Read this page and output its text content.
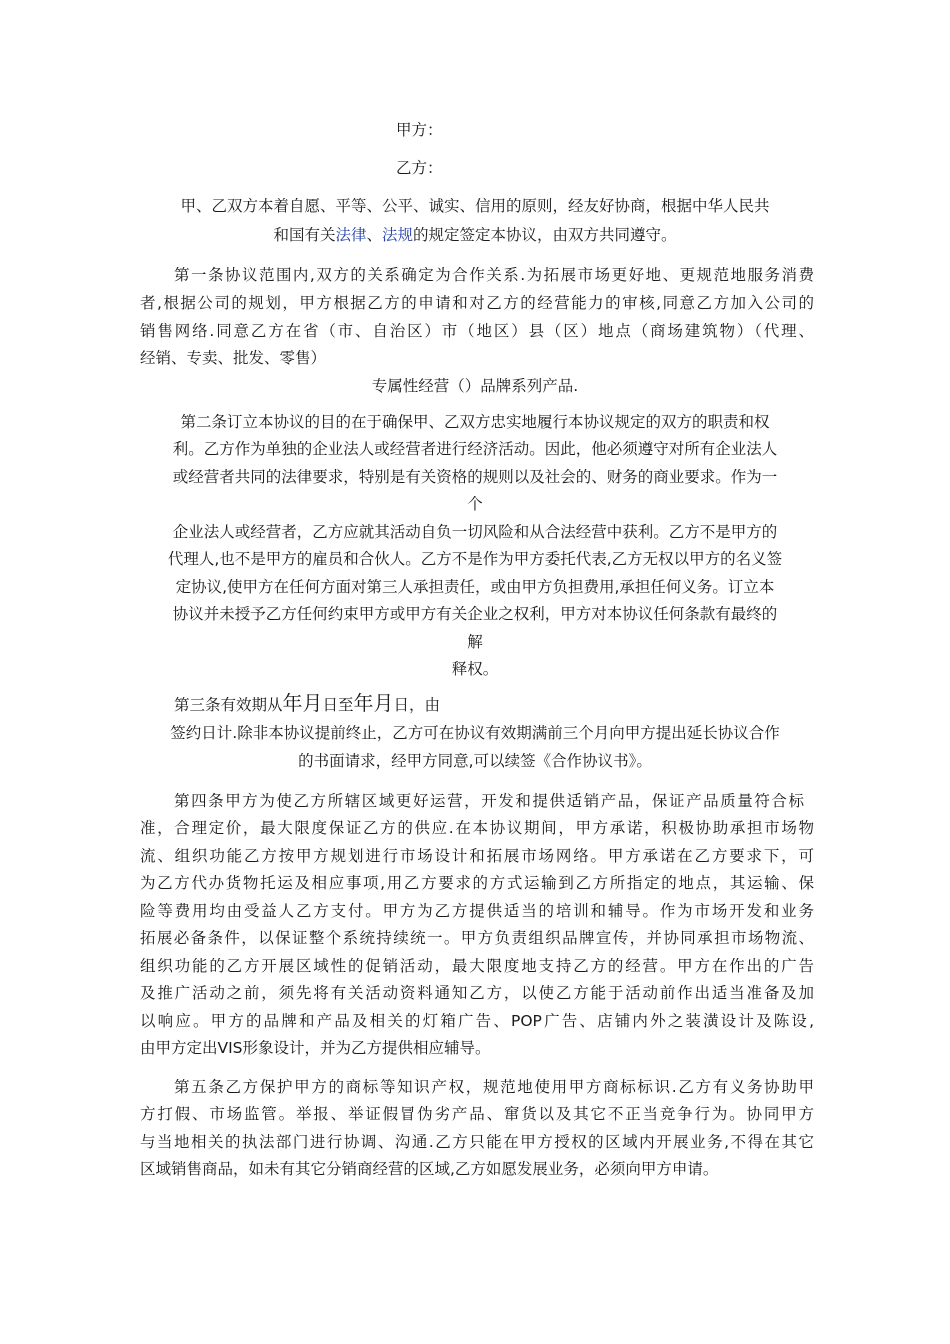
甲方：
乙方：
甲、乙双方本着自愿、平等、公平、诚实、信用的原则，经友好协商，根据中华人民共
和国有关法律、法规的规定签定本协议，由双方共同遵守。
第一条协议范围内,双方的关系确定为合作关系.为拓展市场更好地、更规范地服务消费
者,根据公司的规划，甲方根据乙方的申请和对乙方的经营能力的审核,同意乙方加入公司的
销售网络.同意乙方在省（市、自治区）市（地区）县（区）地点（商场建筑物）（代理、
经销、专卖、批发、零售）
专属性经营（）品牌系列产品.
第二条订立本协议的目的在于确保甲、乙双方忠实地履行本协议规定的双方的职责和权
利。乙方作为单独的企业法人或经营者进行经济活动。因此，他必须遵守对所有企业法人
或经营者共同的法律要求，特别是有关资格的规则以及社会的、财务的商业要求。作为一
个
企业法人或经营者，乙方应就其活动自负一切风险和从合法经营中获利。乙方不是甲方的
代理人,也不是甲方的雇员和合伙人。乙方不是作为甲方委托代表,乙方无权以甲方的名义签
定协议,使甲方在任何方面对第三人承担责任，或由甲方负担费用,承担任何义务。订立本
协议并未授予乙方任何约束甲方或甲方有关企业之权利，甲方对本协议任何条款有最终的
解
释权。
第三条有效期从年月日至年月日，由
签约日计.除非本协议提前终止，乙方可在协议有效期满前三个月向甲方提出延长协议合作
的书面请求，经甲方同意,可以续签《合作协议书》。
第四条甲方为使乙方所辖区域更好运营，开发和提供适销产品，保证产品质量符合标
准，合理定价，最大限度保证乙方的供应.在本协议期间，甲方承诺，积极协助承担市场物
流、组织功能乙方按甲方规划进行市场设计和拓展市场网络。甲方承诺在乙方要求下，可
为乙方代办货物托运及相应事项,用乙方要求的方式运输到乙方所指定的地点，其运输、保
险等费用均由受益人乙方支付。甲方为乙方提供适当的培训和辅导。作为市场开发和业务
拓展必备条件，以保证整个系统持续统一。甲方负责组织品牌宣传，并协同承担市场物流、
组织功能的乙方开展区域性的促销活动，最大限度地支持乙方的经营。甲方在作出的广告
及推广活动之前，须先将有关活动资料通知乙方，以使乙方能于活动前作出适当准备及加
以响应。甲方的品牌和产品及相关的灯箱广告、POP广告、店铺内外之装潢设计及陈设,
由甲方定出VIS形象设计，并为乙方提供相应辅导。
第五条乙方保护甲方的商标等知识产权，规范地使用甲方商标标识.乙方有义务协助甲
方打假、市场监管。举报、举证假冒伪劣产品、窜货以及其它不正当竞争行为。协同甲方
与当地相关的执法部门进行协调、沟通.乙方只能在甲方授权的区域内开展业务,不得在其它
区域销售商品，如未有其它分销商经营的区域,乙方如愿发展业务，必须向甲方申请。
